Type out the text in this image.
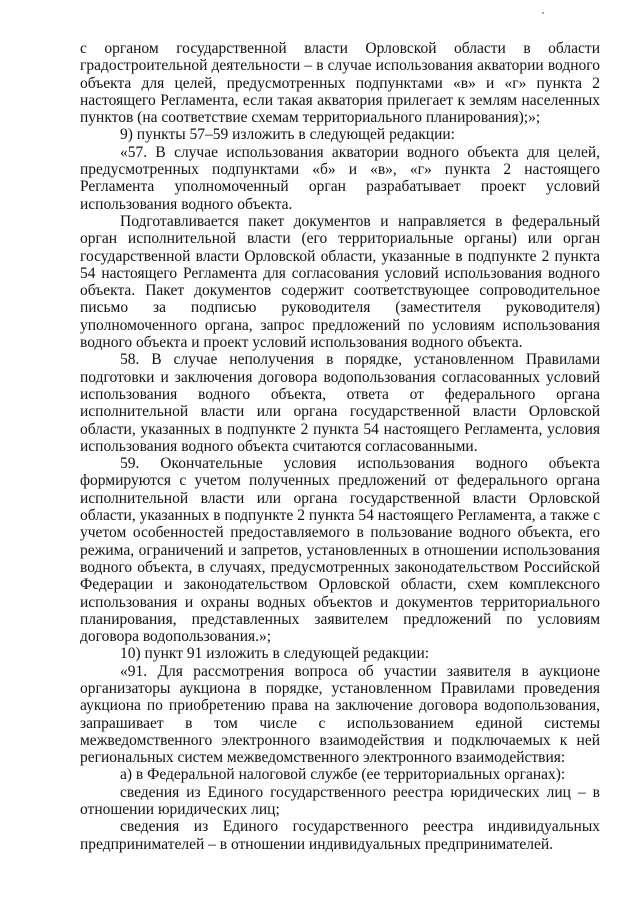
с органом государственной власти Орловской области в области градостроительной деятельности – в случае использования акватории водного объекта для целей, предусмотренных подпунктами «в» и «г» пункта 2 настоящего Регламента, если такая акватория прилегает к землям населенных пунктов (на соответствие схемам территориального планирования);»;

9) пункты 57–59 изложить в следующей редакции:

«57. В случае использования акватории водного объекта для целей, предусмотренных подпунктами «б» и «в», «г» пункта 2 настоящего Регламента уполномоченный орган разрабатывает проект условий использования водного объекта.

Подготавливается пакет документов и направляется в федеральный орган исполнительной власти (его территориальные органы) или орган государственной власти Орловской области, указанные в подпункте 2 пункта 54 настоящего Регламента для согласования условий использования водного объекта. Пакет документов содержит соответствующее сопроводительное письмо за подписью руководителя (заместителя руководителя) уполномоченного органа, запрос предложений по условиям использования водного объекта и проект условий использования водного объекта.

58. В случае неполучения в порядке, установленном Правилами подготовки и заключения договора водопользования согласованных условий использования водного объекта, ответа от федерального органа исполнительной власти или органа государственной власти Орловской области, указанных в подпункте 2 пункта 54 настоящего Регламента, условия использования водного объекта считаются согласованными.

59. Окончательные условия использования водного объекта формируются с учетом полученных предложений от федерального органа исполнительной власти или органа государственной власти Орловской области, указанных в подпункте 2 пункта 54 настоящего Регламента, а также с учетом особенностей предоставляемого в пользование водного объекта, его режима, ограничений и запретов, установленных в отношении использования водного объекта, в случаях, предусмотренных законодательством Российской Федерации и законодательством Орловской области, схем комплексного использования и охраны водных объектов и документов территориального планирования, представленных заявителем предложений по условиям договора водопользования.»;

10) пункт 91 изложить в следующей редакции:

«91. Для рассмотрения вопроса об участии заявителя в аукционе организаторы аукциона в порядке, установленном Правилами проведения аукциона по приобретению права на заключение договора водопользования, запрашивает в том числе с использованием единой системы межведомственного электронного взаимодействия и подключаемых к ней региональных систем межведомственного электронного взаимодействия:

а) в Федеральной налоговой службе (ее территориальных органах):

сведения из Единого государственного реестра юридических лиц – в отношении юридических лиц;

сведения из Единого государственного реестра индивидуальных предпринимателей – в отношении индивидуальных предпринимателей.
